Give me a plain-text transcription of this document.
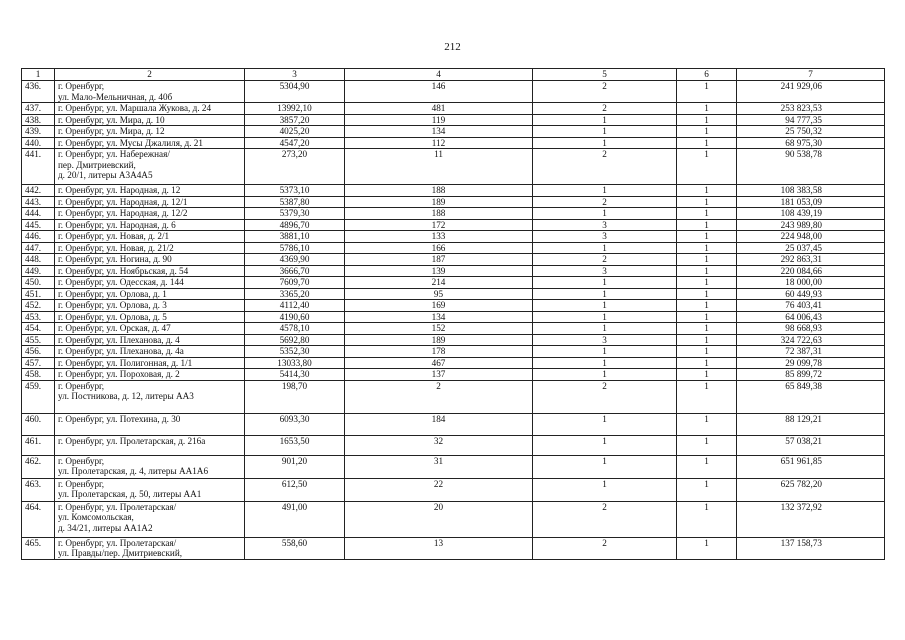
212
1	2	3	4	5	6	7
436.	г. Оренбург,
ул. Мало-Мельничная, д. 40б	5304,90	146	2	1	241 929,06
437.	г. Оренбург, ул. Маршала Жукова, д. 24	13992,10	481	2	1	253 823,53
438.	г. Оренбург, ул. Мира, д. 10	3857,20	119	1	1	94 777,35
439.	г. Оренбург, ул. Мира, д. 12	4025,20	134	1	1	25 750,32
440.	г. Оренбург, ул. Мусы Джалиля, д. 21	4547,20	112	1	1	68 975,30
441.	г. Оренбург, ул. Набережная/
пер. Дмитриевский,
д. 20/1, литеры А3А4А5	273,20	11	2	1	90 538,78
442.	г. Оренбург, ул. Народная, д. 12	5373,10	188	1	1	108 383,58
443.	г. Оренбург, ул. Народная, д. 12/1	5387,80	189	2	1	181 053,09
444.	г. Оренбург, ул. Народная, д. 12/2	5379,30	188	1	1	108 439,19
445.	г. Оренбург, ул. Народная, д. 6	4896,70	172	3	1	243 989,80
446.	г. Оренбург, ул. Новая, д. 2/1	3881,10	133	3	1	224 948,00
447.	г. Оренбург, ул. Новая, д. 21/2	5786,10	166	1	1	25 037,45
448.	г. Оренбург, ул. Ногина, д. 90	4369,90	187	2	1	292 863,31
449.	г. Оренбург, ул. Ноябрьская, д. 54	3666,70	139	3	1	220 084,66
450.	г. Оренбург, ул. Одесская, д. 144	7609,70	214	1	1	18 000,00
451.	г. Оренбург, ул. Орлова, д. 1	3365,20	95	1	1	60 449,93
452.	г. Оренбург, ул. Орлова, д. 3	4112,40	169	1	1	76 403,41
453.	г. Оренбург, ул. Орлова, д. 5	4190,60	134	1	1	64 006,43
454.	г. Оренбург, ул. Орская, д. 47	4578,10	152	1	1	98 668,93
455.	г. Оренбург, ул. Плеханова, д. 4	5692,80	189	3	1	324 722,63
456.	г. Оренбург, ул. Плеханова, д. 4а	5352,30	178	1	1	72 387,31
457.	г. Оренбург, ул. Полигонная, д. 1/1	13033,80	467	1	1	29 099,78
458.	г. Оренбург, ул. Пороховая, д. 2	5414,30	137	1	1	85 899,72
459.	г. Оренбург,
ул. Постникова, д. 12, литеры АА3	198,70	2	2	1	65 849,38
460.	г. Оренбург, ул. Потехина, д. 30	6093,30	184	1	1	88 129,21
461.	г. Оренбург, ул. Пролетарская, д. 216а	1653,50	32	1	1	57 038,21
462.	г. Оренбург,
ул. Пролетарская, д. 4, литеры АА1А6	901,20	31	1	1	651 961,85
463.	г. Оренбург,
ул. Пролетарская, д. 50, литеры АА1	612,50	22	1	1	625 782,20
464.	г. Оренбург, ул. Пролетарская/
ул. Комсомольская,
д. 34/21, литеры АА1А2	491,00	20	2	1	132 372,92
465.	г. Оренбург, ул. Пролетарская/
ул. Правды/пер. Дмитриевский,	558,60	13	2	1	137 158,73
